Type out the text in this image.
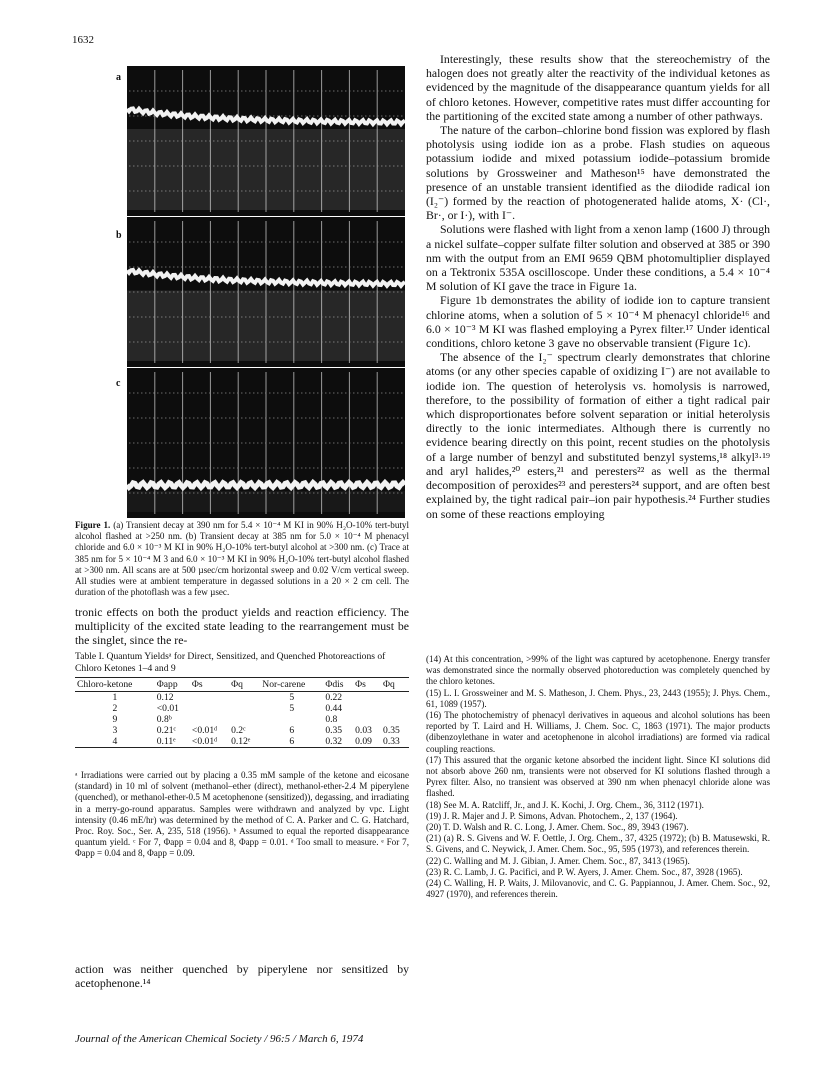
1632
a
b
c
Figure 1. (a) Transient decay at 390 nm for 5.4 × 10⁻⁴ M KI in 90% H₂O-10% tert-butyl alcohol flashed at >250 nm. (b) Transient decay at 385 nm for 5.0 × 10⁻⁴ M phenacyl chloride and 6.0 × 10⁻³ M KI in 90% H₂O-10% tert-butyl alcohol at >300 nm. (c) Trace at 385 nm for 5 × 10⁻⁴ M 3 and 6.0 × 10⁻³ M KI in 90% H₂O-10% tert-butyl alcohol flashed at >300 nm. All scans are at 500 µsec/cm horizontal sweep and 0.02 V/cm vertical sweep. All studies were at ambient temperature in degassed solutions in a 20 × 2 cm cell. The duration of the photoflash was a few µsec.
tronic effects on both the product yields and reaction efficiency. The multiplicity of the excited state leading to the rearrangement must be the singlet, since the re-
Table I. Quantum Yieldsᵃ for Direct, Sensitized, and Quenched Photoreactions of Chloro Ketones 1–4 and 9
Chloro-ketone	Φapp	Φs	Φq	Nor-carene	Φdis	Φs	Φq
1	0.12			5	0.22		
2	<0.01			5	0.44		
9	0.8ᵇ				0.8		
3	0.21ᶜ	<0.01ᵈ	0.2ᶜ	6	0.35	0.03	0.35
4	0.11ᵉ	<0.01ᵈ	0.12ᵉ	6	0.32	0.09	0.33
ᵃ Irradiations were carried out by placing a 0.35 mM sample of the ketone and eicosane (standard) in 10 ml of solvent (methanol–ether (direct), methanol-ether-2.4 M piperylene (quenched), or methanol-ether-0.5 M acetophenone (sensitized)), degassing, and irradiating in a merry-go-round apparatus. Samples were withdrawn and analyzed by vpc. Light intensity (0.46 mE/hr) was determined by the method of C. A. Parker and C. G. Hatchard, Proc. Roy. Soc., Ser. A, 235, 518 (1956). ᵇ Assumed to equal the reported disappearance quantum yield. ᶜ For 7, Φapp = 0.04 and 8, Φapp = 0.01. ᵈ Too small to measure. ᵉ For 7, Φapp = 0.04 and 8, Φapp = 0.09.
action was neither quenched by piperylene nor sensitized by acetophenone.¹⁴

Interestingly, these results show that the stereochemistry of the halogen does not greatly alter the reactivity of the individual ketones as evidenced by the magnitude of the disappearance quantum yields for all of chloro ketones. However, competitive rates must differ accounting for the partitioning of the excited state among a number of other pathways.

The nature of the carbon–chlorine bond fission was explored by flash photolysis using iodide ion as a probe. Flash studies on aqueous potassium iodide and mixed potassium iodide–potassium bromide solutions by Grossweiner and Matheson¹⁵ have demonstrated the presence of an unstable transient identified as the diiodide radical ion (I₂⁻) formed by the reaction of photogenerated halide atoms, X· (Cl·, Br·, or I·), with I⁻.

Solutions were flashed with light from a xenon lamp (1600 J) through a nickel sulfate–copper sulfate filter solution and observed at 385 or 390 nm with the output from an EMI 9659 QBM photomultiplier displayed on a Tektronix 535A oscilloscope. Under these conditions, a 5.4 × 10⁻⁴ M solution of KI gave the trace in Figure 1a.

Figure 1b demonstrates the ability of iodide ion to capture transient chlorine atoms, when a solution of 5 × 10⁻⁴ M phenacyl chloride¹⁶ and 6.0 × 10⁻³ M KI was flashed employing a Pyrex filter.¹⁷ Under identical conditions, chloro ketone 3 gave no observable transient (Figure 1c).

The absence of the I₂⁻ spectrum clearly demonstrates that chlorine atoms (or any other species capable of oxidizing I⁻) are not available to iodide ion. The question of heterolysis vs. homolysis is narrowed, therefore, to the possibility of formation of either a tight radical pair which disproportionates before solvent separation or initial heterolysis directly to the ionic intermediates. Although there is currently no evidence bearing directly on this point, recent studies on the photolysis of a large number of benzyl and substituted benzyl systems,¹⁸ alkyl³·¹⁹ and aryl halides,²⁰ esters,²¹ and peresters²² as well as the thermal decomposition of peroxides²³ and peresters²⁴ support, and are often best explained by, the tight radical pair–ion pair hypothesis.²⁴ Further studies on some of these reactions employing

(14) At this concentration, >99% of the light was captured by acetophenone. Energy transfer was demonstrated since the normally observed photoreduction was completely quenched by the chloro ketones.
(15) L. I. Grossweiner and M. S. Matheson, J. Chem. Phys., 23, 2443 (1955); J. Phys. Chem., 61, 1089 (1957).
(16) The photochemistry of phenacyl derivatives in aqueous and alcohol solutions has been reported by T. Laird and H. Williams, J. Chem. Soc. C, 1863 (1971). The major products (dibenzoylethane in water and acetophenone in alcohol irradiations) are formed via radical coupling reactions.
(17) This assured that the organic ketone absorbed the incident light. Since KI solutions did not absorb above 260 nm, transients were not observed for KI solutions flashed through a Pyrex filter. Also, no transient was observed at 390 nm when phenacyl chloride alone was flashed.
(18) See M. A. Ratcliff, Jr., and J. K. Kochi, J. Org. Chem., 36, 3112 (1971).
(19) J. R. Majer and J. P. Simons, Advan. Photochem., 2, 137 (1964).
(20) T. D. Walsh and R. C. Long, J. Amer. Chem. Soc., 89, 3943 (1967).
(21) (a) R. S. Givens and W. F. Oettle, J. Org. Chem., 37, 4325 (1972); (b) B. Matusewski, R. S. Givens, and C. Neywick, J. Amer. Chem. Soc., 95, 595 (1973), and references therein.
(22) C. Walling and M. J. Gibian, J. Amer. Chem. Soc., 87, 3413 (1965).
(23) R. C. Lamb, J. G. Pacifici, and P. W. Ayers, J. Amer. Chem. Soc., 87, 3928 (1965).
(24) C. Walling, H. P. Waits, J. Milovanovic, and C. G. Pappiannou, J. Amer. Chem. Soc., 92, 4927 (1970), and references therein.
Journal of the American Chemical Society / 96:5 / March 6, 1974
